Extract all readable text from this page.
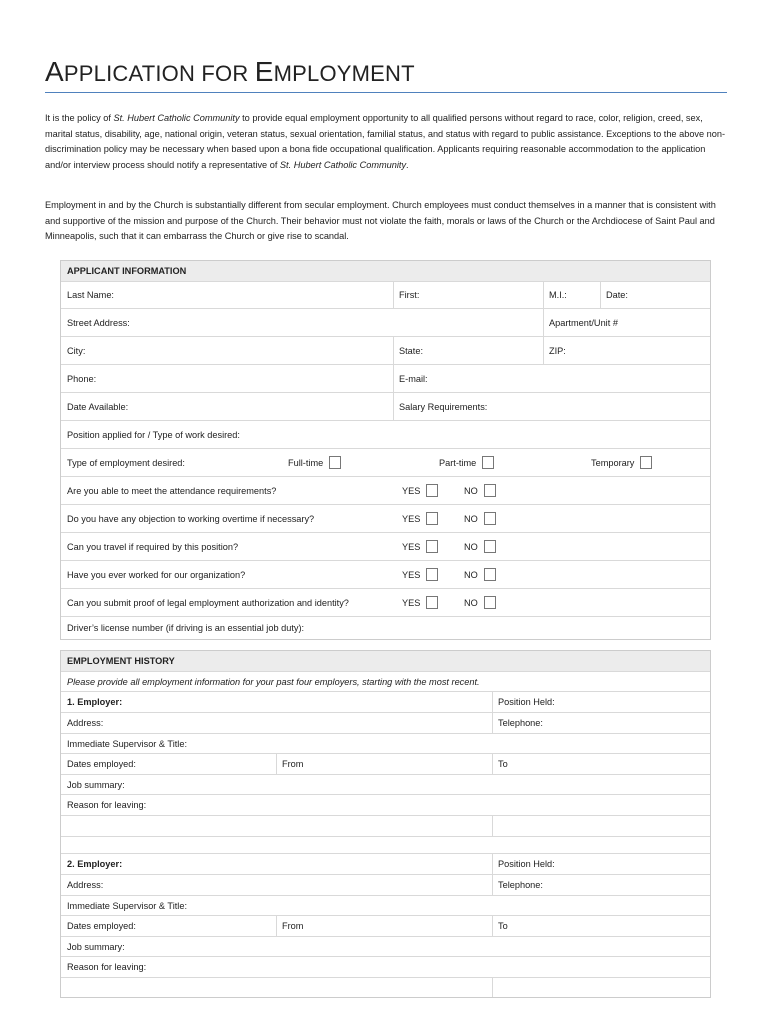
APPLICATION FOR EMPLOYMENT
It is the policy of St. Hubert Catholic Community to provide equal employment opportunity to all qualified persons without regard to race, color, religion, creed, sex, marital status, disability, age, national origin, veteran status, sexual orientation, familial status, and status with regard to public assistance. Exceptions to the above non-discrimination policy may be necessary when based upon a bona fide occupational qualification. Applicants requiring reasonable accommodation to the application and/or interview process should notify a representative of St. Hubert Catholic Community.
Employment in and by the Church is substantially different from secular employment. Church employees must conduct themselves in a manner that is consistent with and supportive of the mission and purpose of the Church. Their behavior must not violate the faith, morals or laws of the Church or the Archdiocese of Saint Paul and Minneapolis, such that it can embarrass the Church or give rise to scandal.
APPLICANT INFORMATION
Last Name:	First:	M.I.:	Date:
Street Address:	Apartment/Unit #
City:	State:	ZIP:
Phone:	E-mail:
Date Available:	Salary Requirements:
Position applied for / Type of work desired:
Type of employment desired:	Full-time	Part-time	Temporary
Are you able to meet the attendance requirements?	YES	NO
Do you have any objection to working overtime if necessary?	YES	NO
Can you travel if required by this position?	YES	NO
Have you ever worked for our organization?	YES	NO
Can you submit proof of legal employment authorization and identity?	YES	NO
Driver’s license number (if driving is an essential job duty):
EMPLOYMENT HISTORY
Please provide all employment information for your past four employers, starting with the most recent.
1. Employer:	Position Held:
Address:	Telephone:
Immediate Supervisor & Title:
Dates employed:	From	To
Job summary:
Reason for leaving:
2. Employer:	Position Held:
Address:	Telephone:
Immediate Supervisor & Title:
Dates employed:	From	To
Job summary:
Reason for leaving:
